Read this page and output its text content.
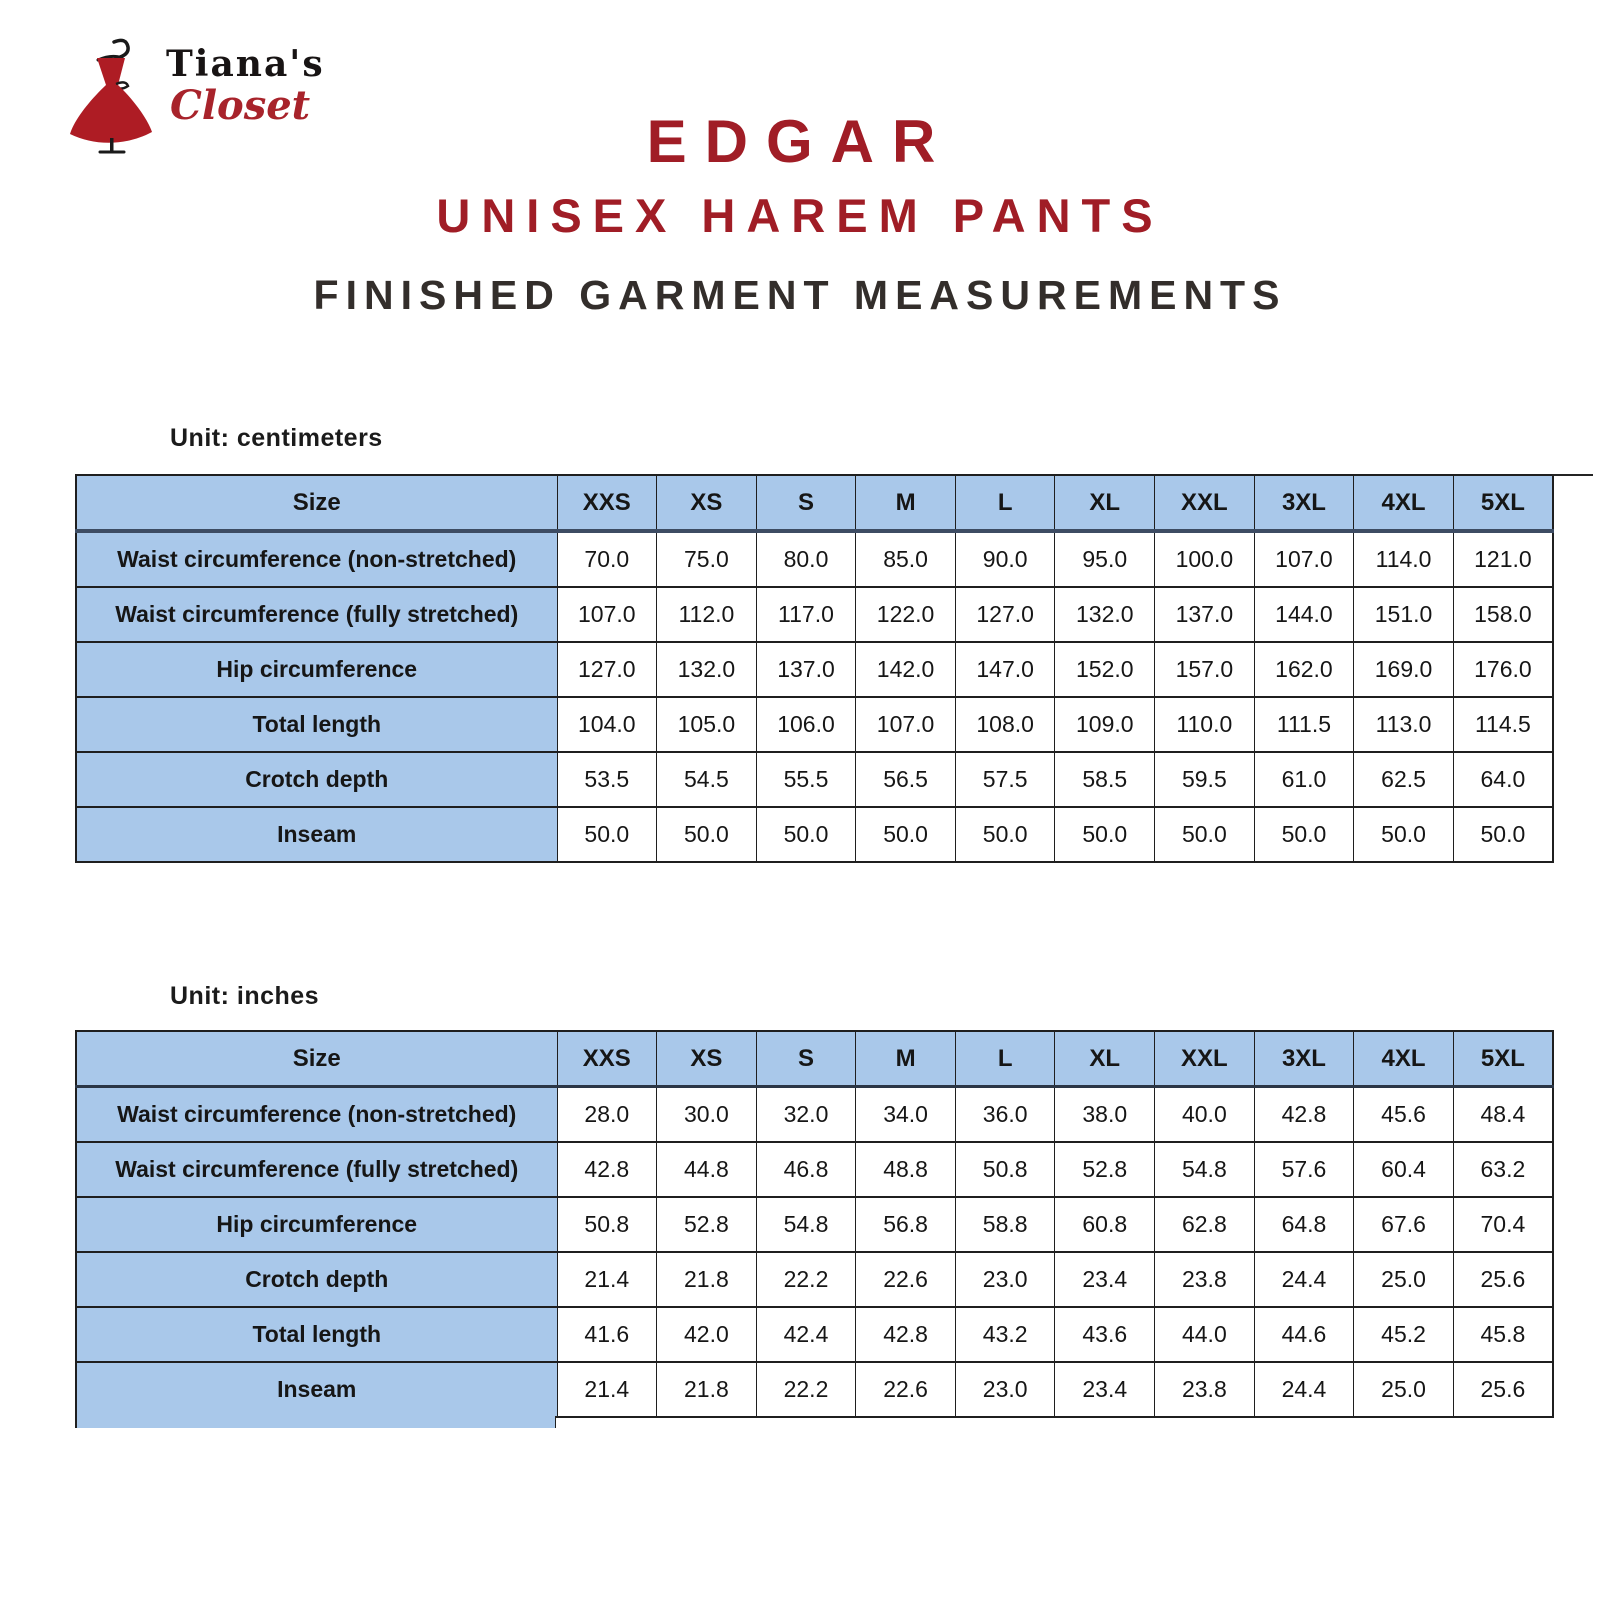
Tiana's
Closet
EDGAR
UNISEX HAREM PANTS
FINISHED GARMENT MEASUREMENTS
Unit: centimeters
Size	XXS	XS	S	M	L	XL	XXL	3XL	4XL	5XL
Waist circumference (non-stretched)	70.0	75.0	80.0	85.0	90.0	95.0	100.0	107.0	114.0	121.0
Waist circumference (fully stretched)	107.0	112.0	117.0	122.0	127.0	132.0	137.0	144.0	151.0	158.0
Hip circumference	127.0	132.0	137.0	142.0	147.0	152.0	157.0	162.0	169.0	176.0
Total length	104.0	105.0	106.0	107.0	108.0	109.0	110.0	111.5	113.0	114.5
Crotch depth	53.5	54.5	55.5	56.5	57.5	58.5	59.5	61.0	62.5	64.0
Inseam	50.0	50.0	50.0	50.0	50.0	50.0	50.0	50.0	50.0	50.0
Unit: inches
Size	XXS	XS	S	M	L	XL	XXL	3XL	4XL	5XL
Waist circumference (non-stretched)	28.0	30.0	32.0	34.0	36.0	38.0	40.0	42.8	45.6	48.4
Waist circumference (fully stretched)	42.8	44.8	46.8	48.8	50.8	52.8	54.8	57.6	60.4	63.2
Hip circumference	50.8	52.8	54.8	56.8	58.8	60.8	62.8	64.8	67.6	70.4
Crotch depth	21.4	21.8	22.2	22.6	23.0	23.4	23.8	24.4	25.0	25.6
Total length	41.6	42.0	42.4	42.8	43.2	43.6	44.0	44.6	45.2	45.8
Inseam	21.4	21.8	22.2	22.6	23.0	23.4	23.8	24.4	25.0	25.6
